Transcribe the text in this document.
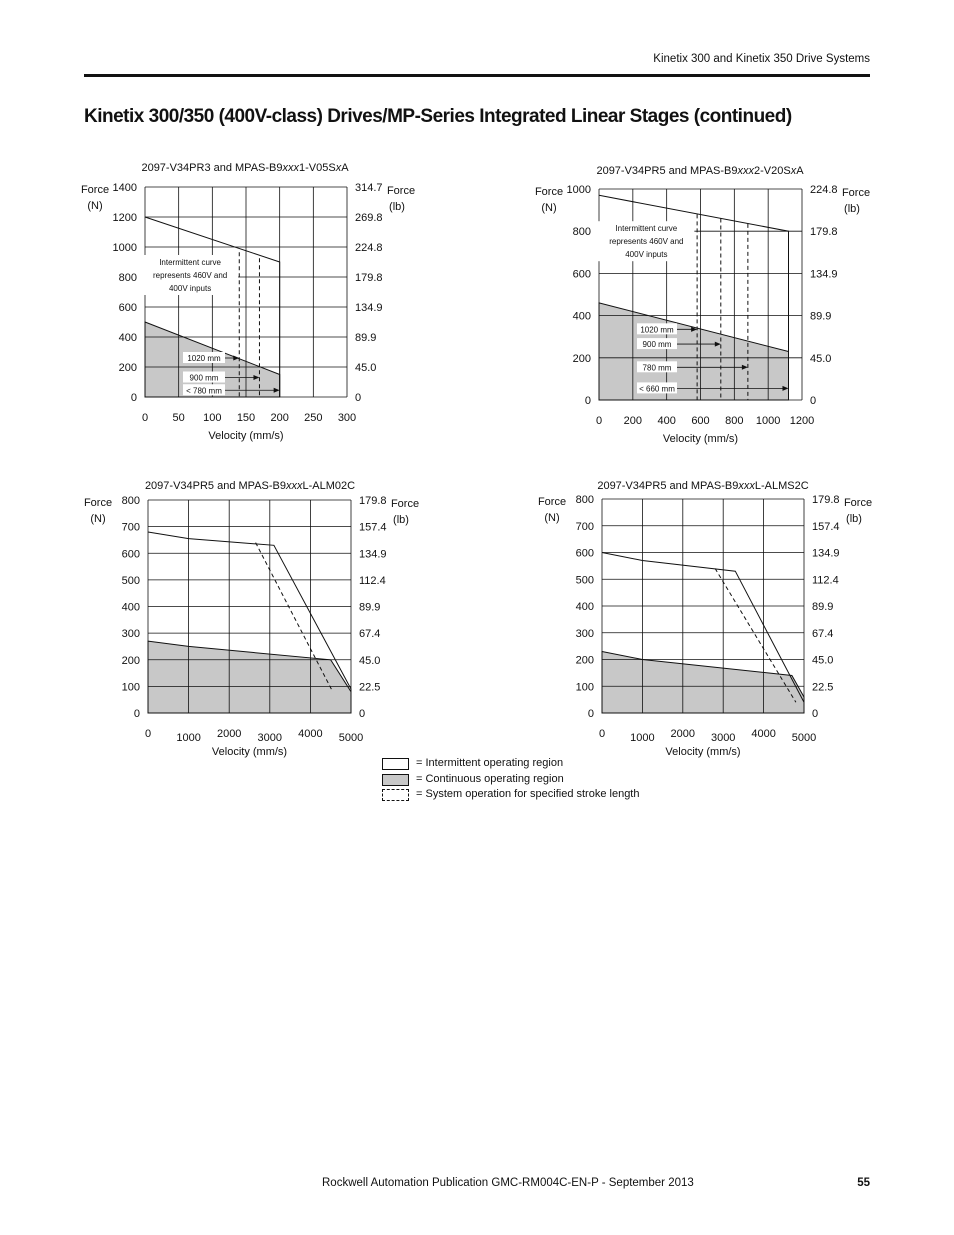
Kinetix 300 and Kinetix 350 Drive Systems
Kinetix 300/350 (400V-class) Drives/MP-Series Integrated Linear Stages (continued)
2097-V34PR3 and MPAS-B9xxx1-V05SxA
1020 mm
900 mm
< 780 mm
Intermittent curve
represents 460V and
400V inputs
0 50 100 150 200 250 300
0
200
400
600
800
1000
1200
1400
0
45.0
89.9
134.9
179.8
224.8
269.8
314.7
Velocity (mm/s)
Force
(N)
Force
(lb)
2097-V34PR5 and MPAS-B9xxx2-V20SxA
1020 mm
900 mm
780 mm
< 660 mm
Intermittent curve
represents 460V and
400V inputs
0 200 400 600 800 1000 1200
0
200
400
600
800
1000
0
45.0
89.9
134.9
179.8
224.8
Velocity (mm/s)
Force
(N)
Force
(lb)
2097-V34PR5 and MPAS-B9xxxL-ALM02C
0 1000 2000 3000 4000 5000
0
100
200
300
400
500
600
700
800
0
22.5
45.0
67.4
89.9
112.4
134.9
157.4
179.8
Velocity (mm/s)
Force
(N)
Force
(lb)
2097-V34PR5 and MPAS-B9xxxL-ALMS2C
0 1000 2000 3000 4000 5000
0
100
200
300
400
500
600
700
800
0
22.5
45.0
67.4
89.9
112.4
134.9
157.4
179.8
Velocity (mm/s)
Force
(N)
Force
(lb)
= Intermittent operating region
= Continuous operating region
= System operation for specified stroke length
Rockwell Automation Publication GMC-RM004C-EN-P - September 2013	55
